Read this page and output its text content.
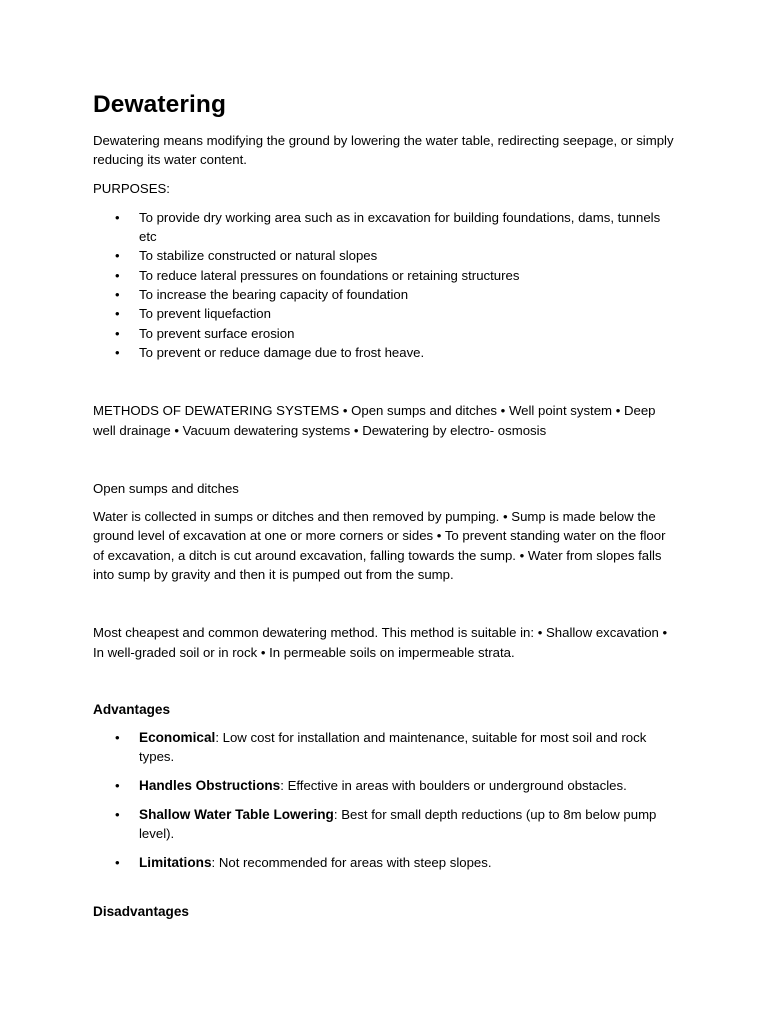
Dewatering

Dewatering means modifying the ground by lowering the water table, redirecting seepage, or simply reducing its water content.

PURPOSES:

• To provide dry working area such as in excavation for building foundations, dams, tunnels etc
• To stabilize constructed or natural slopes
• To reduce lateral pressures on foundations or retaining structures
• To increase the bearing capacity of foundation
• To prevent liquefaction
• To prevent surface erosion
• To prevent or reduce damage due to frost heave.

METHODS OF DEWATERING SYSTEMS • Open sumps and ditches • Well point system • Deep well drainage • Vacuum dewatering systems • Dewatering by electro- osmosis

Open sumps and ditches

Water is collected in sumps or ditches and then removed by pumping. • Sump is made below the ground level of excavation at one or more corners or sides • To prevent standing water on the floor of excavation, a ditch is cut around excavation, falling towards the sump. • Water from slopes falls into sump by gravity and then it is pumped out from the sump.

Most cheapest and common dewatering method. This method is suitable in: • Shallow excavation • In well-graded soil or in rock • In permeable soils on impermeable strata.

Advantages
• Economical: Low cost for installation and maintenance, suitable for most soil and rock types.
• Handles Obstructions: Effective in areas with boulders or underground obstacles.
• Shallow Water Table Lowering: Best for small depth reductions (up to 8m below pump level).
• Limitations: Not recommended for areas with steep slopes.
Disadvantages
